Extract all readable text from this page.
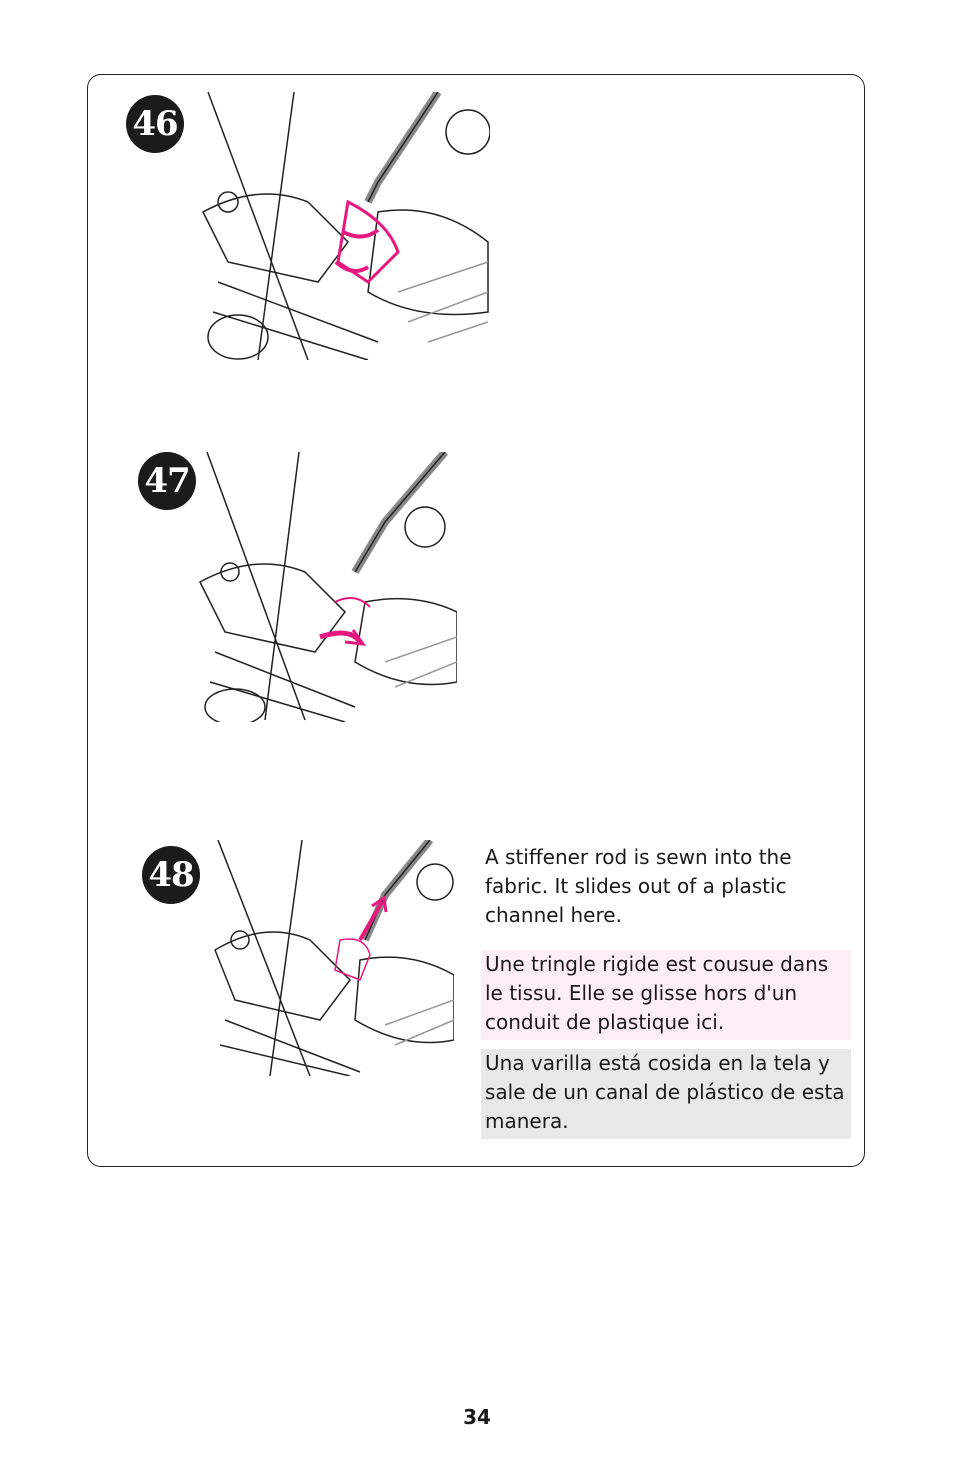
46
47
48	A stiffener rod is sewn into the fabric. It slides out of a plastic channel here.
Une tringle rigide est cousue dans le tissu. Elle se glisse hors d'un conduit de plastique ici.
Una varilla está cosida en la tela y sale de un canal de plástico de esta manera.
34
